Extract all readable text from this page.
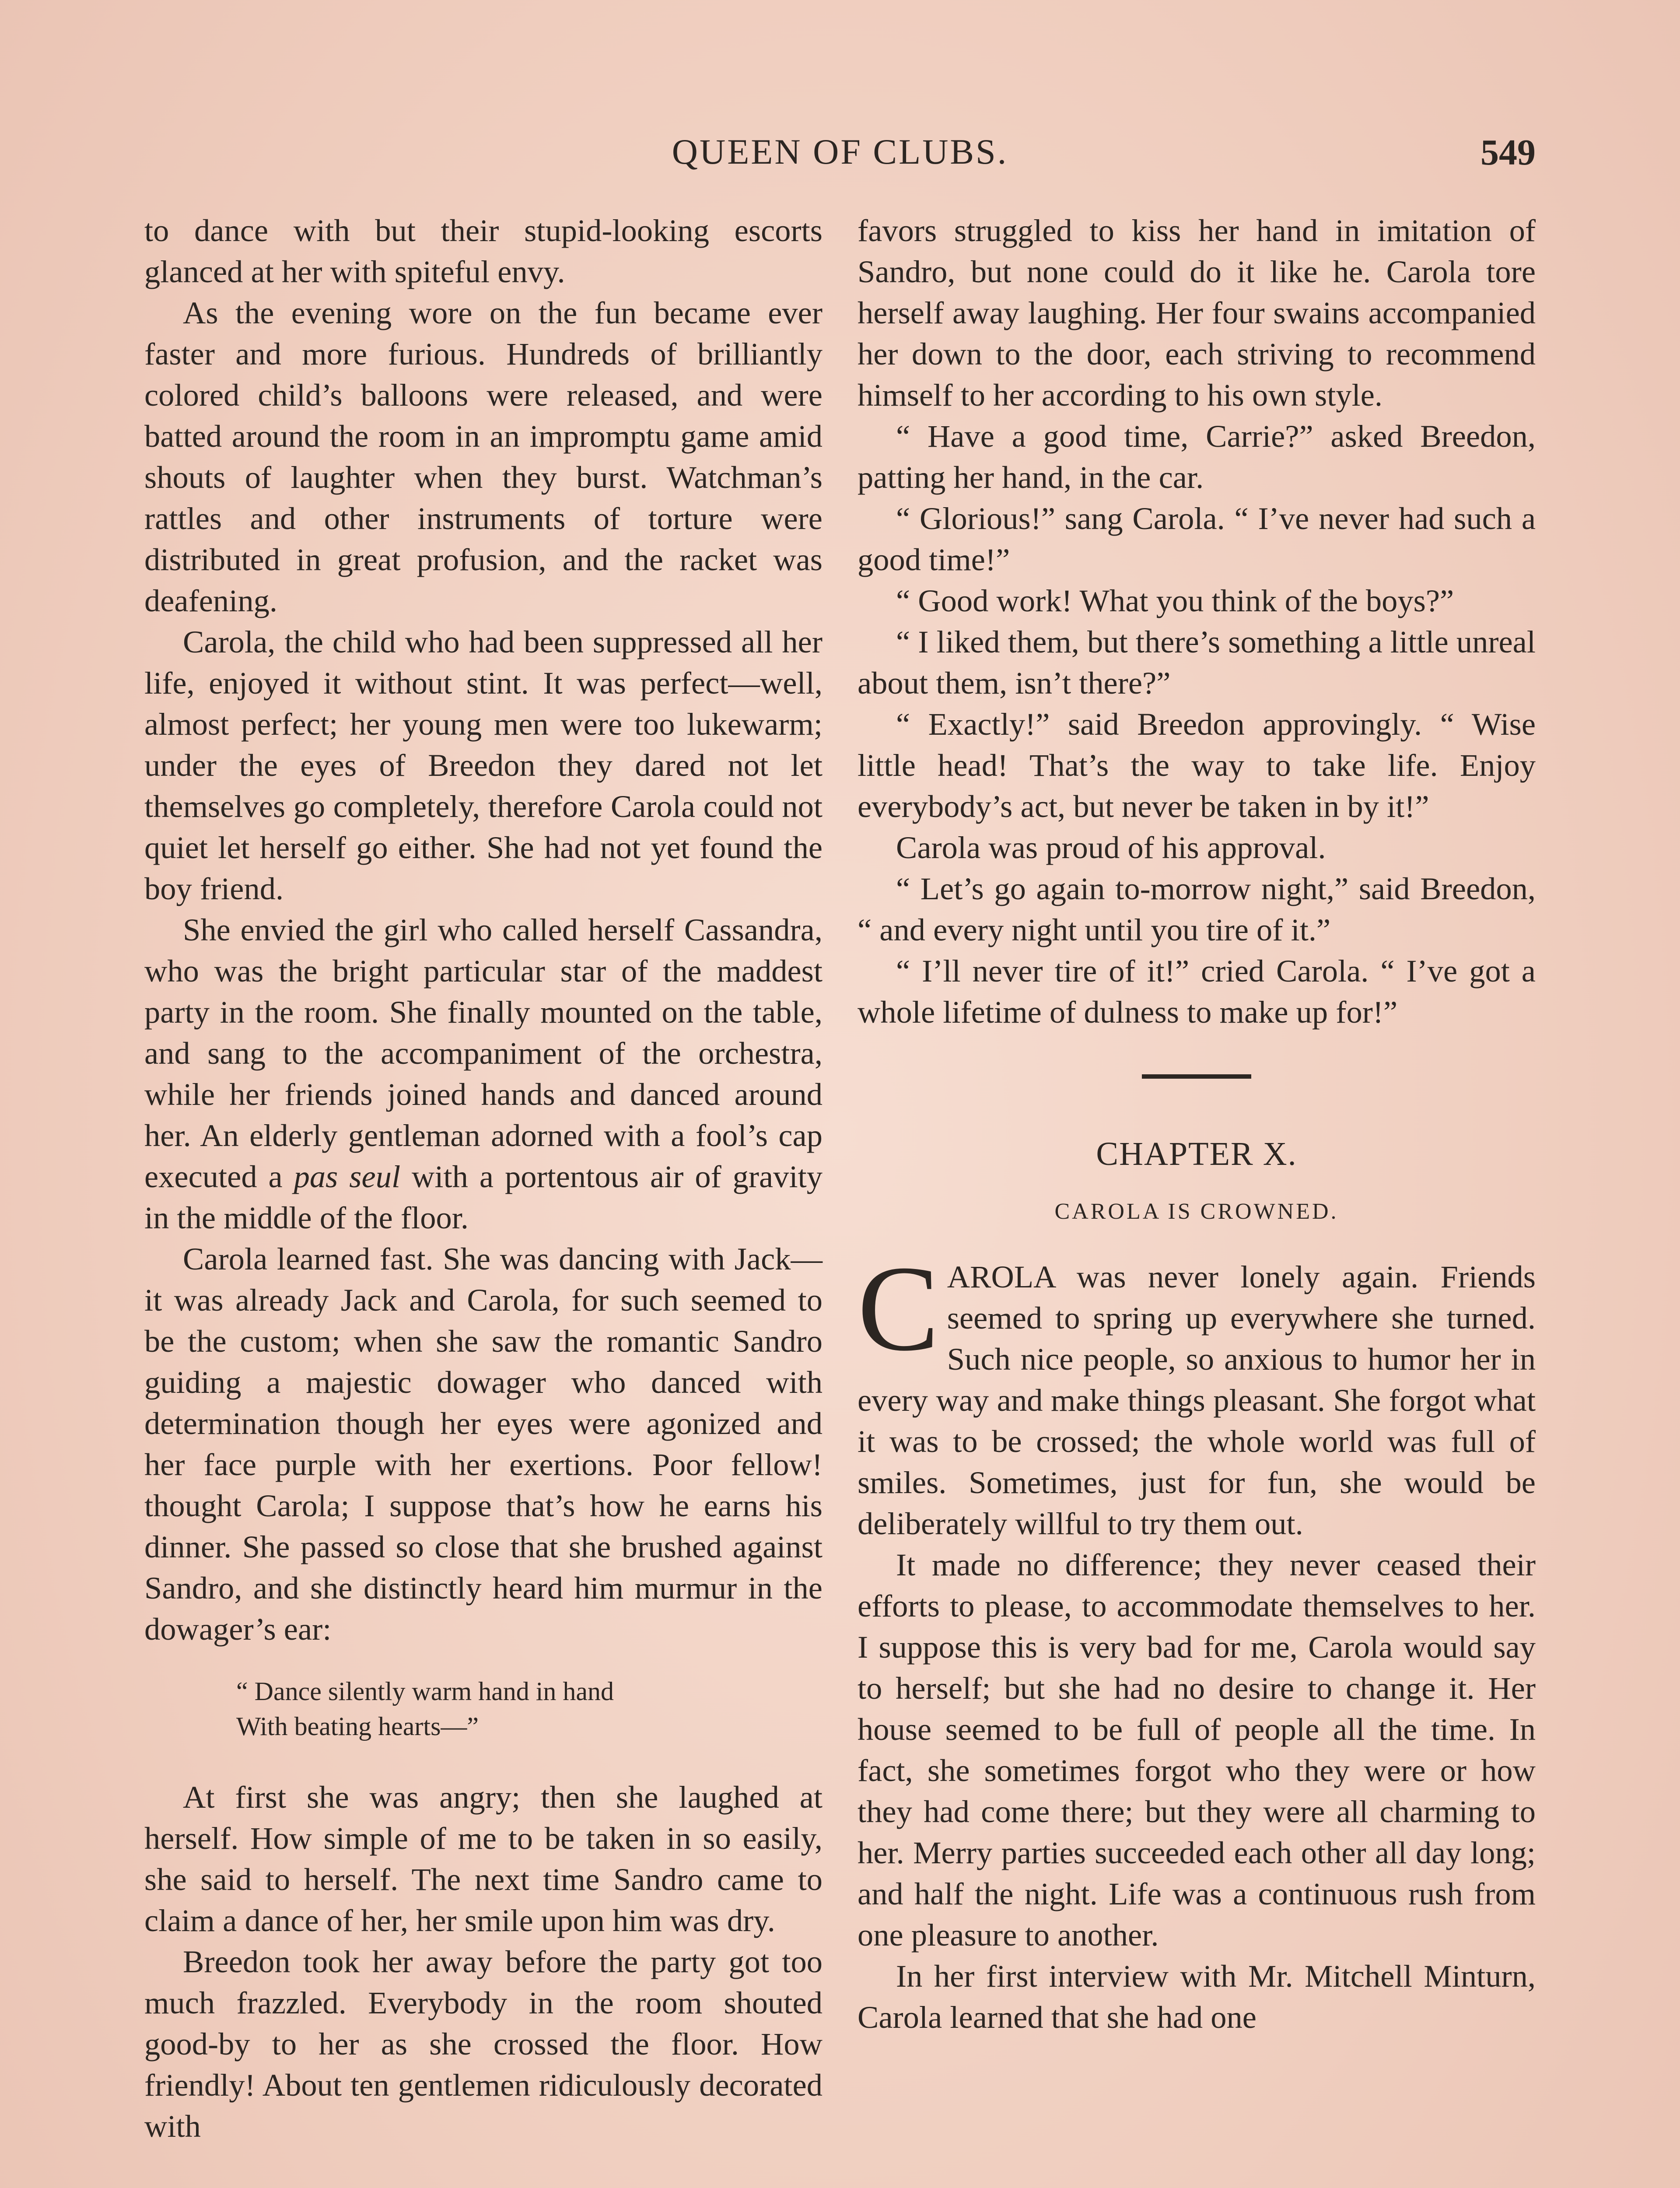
QUEEN OF CLUBS.	549

to dance with but their stupid-looking escorts glanced at her with spiteful envy.

As the evening wore on the fun became ever faster and more furious. Hundreds of brilliantly colored child’s balloons were released, and were batted around the room in an impromptu game amid shouts of laughter when they burst. Watchman’s rattles and other instruments of torture were distributed in great profusion, and the racket was deafening.

Carola, the child who had been suppressed all her life, enjoyed it without stint. It was perfect—well, almost perfect; her young men were too lukewarm; under the eyes of Breedon they dared not let themselves go completely, therefore Carola could not quiet let herself go either. She had not yet found the boy friend.

She envied the girl who called herself Cassandra, who was the bright particular star of the maddest party in the room. She finally mounted on the table, and sang to the accompaniment of the orchestra, while her friends joined hands and danced around her. An elderly gentleman adorned with a fool’s cap executed a pas seul with a portentous air of gravity in the middle of the floor.

Carola learned fast. She was dancing with Jack—it was already Jack and Carola, for such seemed to be the custom; when she saw the romantic Sandro guiding a majestic dowager who danced with determination though her eyes were agonized and her face purple with her exertions. Poor fellow! thought Carola; I suppose that’s how he earns his dinner. She passed so close that she brushed against Sandro, and she distinctly heard him murmur in the dowager’s ear:

“ Dance silently warm hand in hand
With beating hearts—”

At first she was angry; then she laughed at herself. How simple of me to be taken in so easily, she said to herself. The next time Sandro came to claim a dance of her, her smile upon him was dry.

Breedon took her away before the party got too much frazzled. Everybody in the room shouted good-by to her as she crossed the floor. How friendly! About ten gentlemen ridiculously decorated with

favors struggled to kiss her hand in imitation of Sandro, but none could do it like he. Carola tore herself away laughing. Her four swains accompanied her down to the door, each striving to recommend himself to her according to his own style.

“ Have a good time, Carrie?” asked Breedon, patting her hand, in the car.

“ Glorious!” sang Carola. “ I’ve never had such a good time!”

“ Good work! What you think of the boys?”

“ I liked them, but there’s something a little unreal about them, isn’t there?”

“ Exactly!” said Breedon approvingly. “ Wise little head! That’s the way to take life. Enjoy everybody’s act, but never be taken in by it!”

Carola was proud of his approval.

“ Let’s go again to-morrow night,” said Breedon, “ and every night until you tire of it.”

“ I’ll never tire of it!” cried Carola. “ I’ve got a whole lifetime of dulness to make up for!”

CHAPTER X.
CAROLA IS CROWNED.

CAROLA was never lonely again. Friends seemed to spring up everywhere she turned. Such nice people, so anxious to humor her in every way and make things pleasant. She forgot what it was to be crossed; the whole world was full of smiles. Sometimes, just for fun, she would be deliberately willful to try them out.

It made no difference; they never ceased their efforts to please, to accommodate themselves to her. I suppose this is very bad for me, Carola would say to herself; but she had no desire to change it. Her house seemed to be full of people all the time. In fact, she sometimes forgot who they were or how they had come there; but they were all charming to her. Merry parties succeeded each other all day long; and half the night. Life was a continuous rush from one pleasure to another.

In her first interview with Mr. Mitchell Minturn, Carola learned that she had one
